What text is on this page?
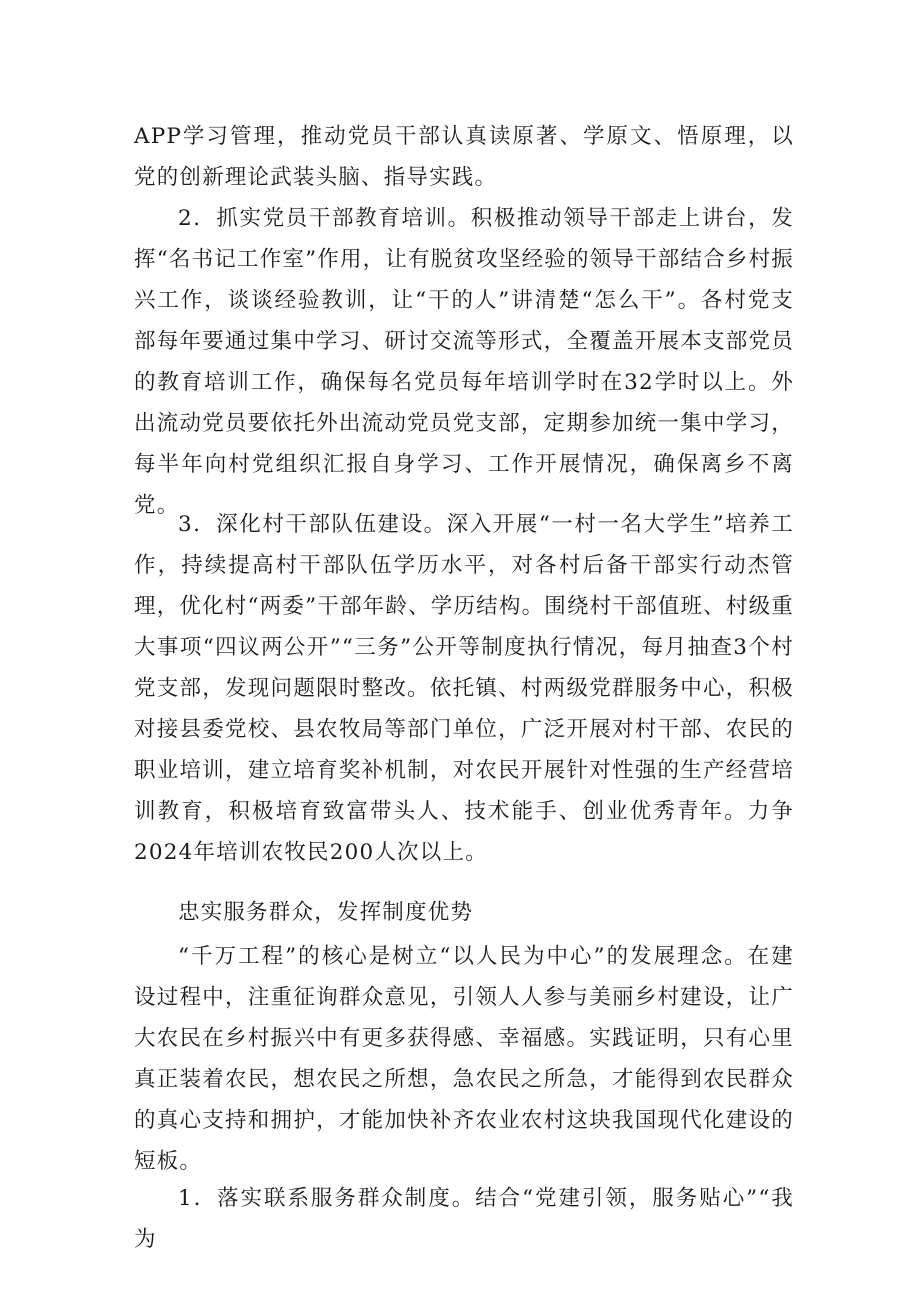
APP学习管理，推动党员干部认真读原著、学原文、悟原理，以党的创新理论武装头脑、指导实践。

2．抓实党员干部教育培训。积极推动领导干部走上讲台，发挥“名书记工作室”作用，让有脱贫攻坚经验的领导干部结合乡村振兴工作，谈谈经验教训，让“干的人”讲清楚“怎么干”。各村党支部每年要通过集中学习、研讨交流等形式，全覆盖开展本支部党员的教育培训工作，确保每名党员每年培训学时在32学时以上。外出流动党员要依托外出流动党员党支部，定期参加统一集中学习，每半年向村党组织汇报自身学习、工作开展情况，确保离乡不离党。

3．深化村干部队伍建设。深入开展“一村一名大学生”培养工作，持续提高村干部队伍学历水平，对各村后备干部实行动杰管理，优化村“两委”干部年龄、学历结构。围绕村干部值班、村级重大事项“四议两公开”“三务”公开等制度执行情况，每月抽查3个村党支部，发现问题限时整改。依托镇、村两级党群服务中心，积极对接县委党校、县农牧局等部门单位，广泛开展对村干部、农民的职业培训，建立培育奖补机制，对农民开展针对性强的生产经营培训教育，积极培育致富带头人、技术能手、创业优秀青年。力争2024年培训农牧民200人次以上。

忠实服务群众，发挥制度优势

“千万工程”的核心是树立“以人民为中心”的发展理念。在建设过程中，注重征询群众意见，引领人人参与美丽乡村建设，让广大农民在乡村振兴中有更多获得感、幸福感。实践证明，只有心里真正装着农民，想农民之所想，急农民之所急，才能得到农民群众的真心支持和拥护，才能加快补齐农业农村这块我国现代化建设的短板。

1．落实联系服务群众制度。结合“党建引领，服务贴心”“我为
